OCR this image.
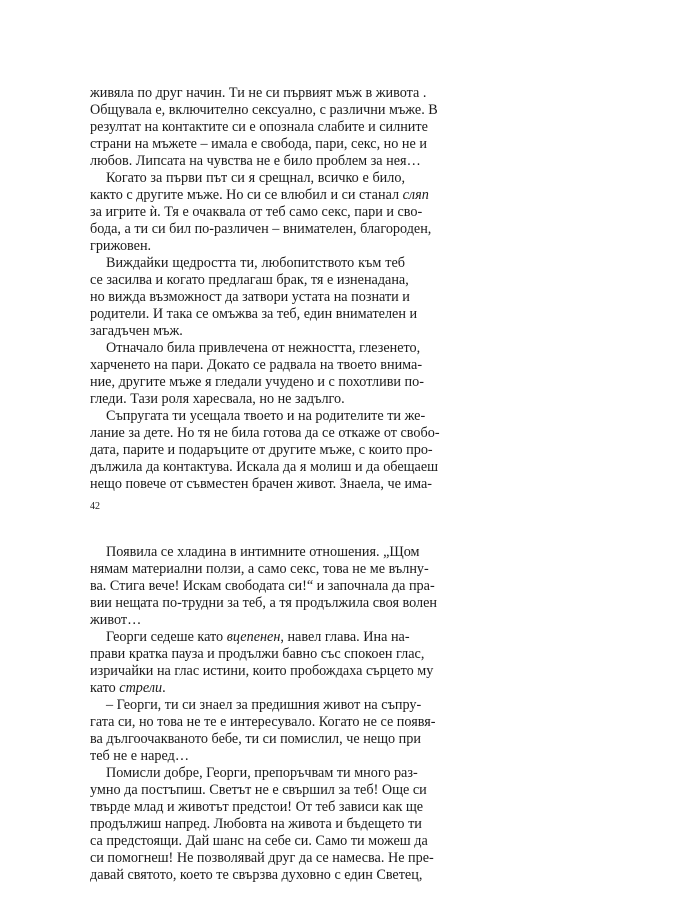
живяла по друг начин. Ти не си първият мъж в живота .
Общувала е, включително сексуално, с различни мъже. В
резултат на контактите си е опознала слабите и силните
страни на мъжете – имала е свобода, пари, секс, но не и
любов. Липсата на чувства не е било проблем за нея…
Когато за първи път си я срещнал, всичко е било,
както с другите мъже. Но си се влюбил и си станал сляп
за игрите ѝ. Тя е очаквала от теб само секс, пари и сво-
бода, а ти си бил по-различен – внимателен, благороден,
грижовен.
Виждайки щедростта ти, любопитството към теб
се засилва и когато предлагаш брак, тя е изненадана,
но вижда възможност да затвори устата на познати и
родители. И така се омъжва за теб, един внимателен и
загадъчен мъж.
Отначало била привлечена от нежността, глезенето,
харченето на пари. Докато се радвала на твоето внима-
ние, другите мъже я гледали учудено и с похотливи по-
гледи. Тази роля харесвала, но не задълго.
Съпругата ти усещала твоето и на родителите ти же-
лание за дете. Но тя не била готова да се откаже от свобо-
дата, парите и подаръците от другите мъже, с които про-
дължила да контактува. Искала да я молиш и да обещаеш
нещо повече от съвместен брачен живот. Знаела, че има-
42
Появила се хладина в интимните отношения. „Щом
нямам материални ползи, а само секс, това не ме вълну-
ва. Стига вече! Искам свободата си!“ и започнала да пра-
вии нещата по-трудни за теб, а тя продължила своя волен
живот…
Георги седеше като вцепенен, навел глава. Ина на-
прави кратка пауза и продължи бавно със спокоен глас,
изричайки на глас истини, които пробождаха сърцето му
като стрели.
– Георги, ти си знаел за предишния живот на съпру-
гата си, но това не те е интересувало. Когато не се появя-
ва дългоочакваното бебе, ти си помислил, че нещо при
теб не е наред…
Помисли добре, Георги, препоръчвам ти много раз-
умно да постъпиш. Светът не е свършил за теб! Още си
твърде млад и животът предстои! От теб зависи как ще
продължиш напред. Любовта на живота и бъдещето ти
са предстоящи. Дай шанс на себе си. Само ти можеш да
си помогнеш! Не позволявай друг да се намесва. Не пре-
давай святото, което те свързва духовно с един Светец,
